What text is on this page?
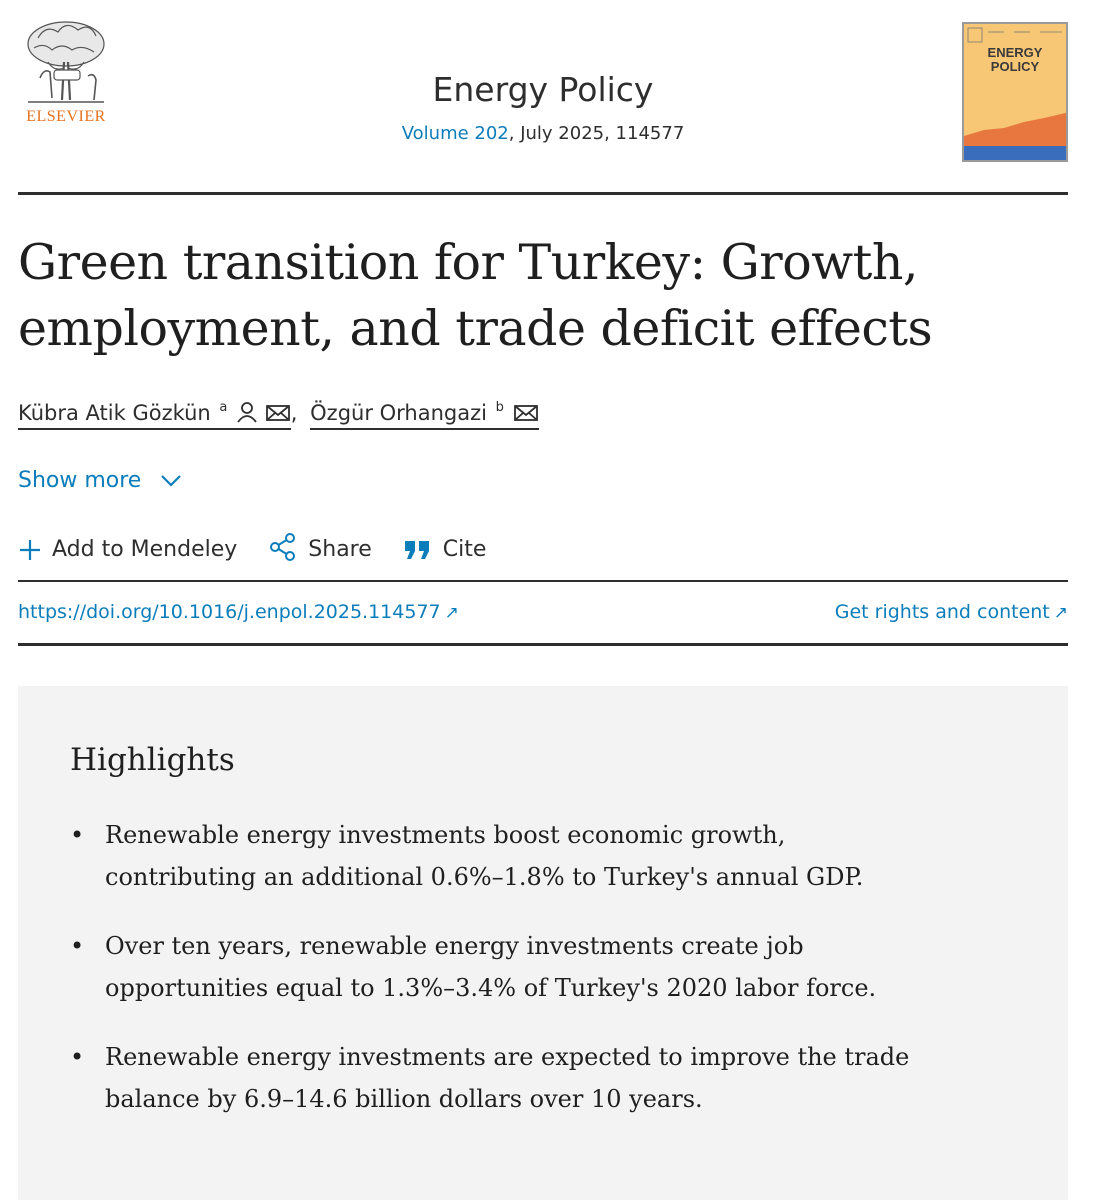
ELSEVIER
Energy Policy
Volume 202, July 2025, 114577
ENERGY
POLICY
Green transition for Turkey: Growth, employment, and trade deficit effects
Kübra Atik Gözkün $^a$	, Özgür Orhangazi $^b$
Show more
Add to Mendeley	Share	Cite
https://doi.org/10.1016/j.enpol.2025.114577 ↗	Get rights and content ↗
Highlights
• Renewable energy investments boost economic growth, contributing an additional 0.6%–1.8% to Turkey's annual GDP.
• Over ten years, renewable energy investments create job opportunities equal to 1.3%–3.4% of Turkey's 2020 labor force.
• Renewable energy investments are expected to improve the trade balance by 6.9–14.6 billion dollars over 10 years.
